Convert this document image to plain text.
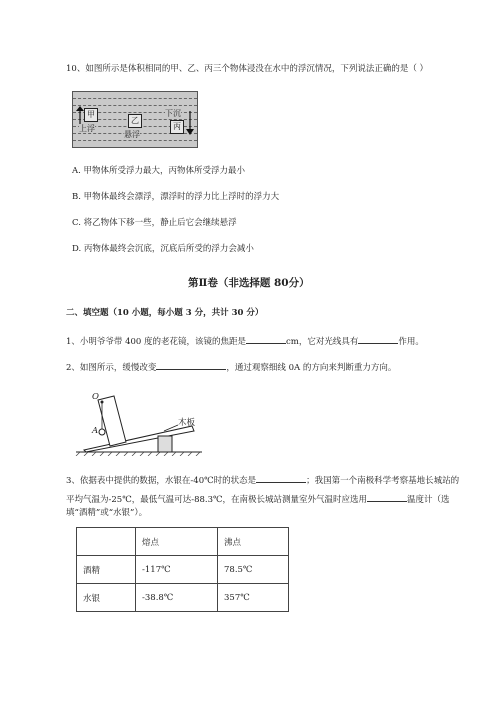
10、如图所示是体积相同的甲、乙、丙三个物体浸没在水中的浮沉情况，下列说法正确的是（ ）
甲
上浮
乙
悬浮
下沉
丙
A. 甲物体所受浮力最大，丙物体所受浮力最小
B. 甲物体最终会漂浮，漂浮时的浮力比上浮时的浮力大
C. 将乙物体下移一些，静止后它会继续悬浮
D. 丙物体最终会沉底，沉底后所受的浮力会减小
第Ⅱ卷（非选择题 80分）
二、填空题（10 小题，每小题 3 分，共计 30 分）
1、小明爷爷带 400 度的老花镜，该镜的焦距是	cm，它对光线具有	作用。
2、如图所示，缓慢改变	，通过观察细线 0A 的方向来判断重力方向。
O
A
木板
3、依据表中提供的数据，水银在-40℃时的状态是	；我国第一个南极科学考察基地长城站的
平均气温为-25℃，最低气温可达-88.3℃，在南极长城站测量室外气温时应选用	温度计（选
填“酒精”或“水银”）。
	熔点	沸点
酒精	-117℃	78.5℃
水银	-38.8℃	357℃
